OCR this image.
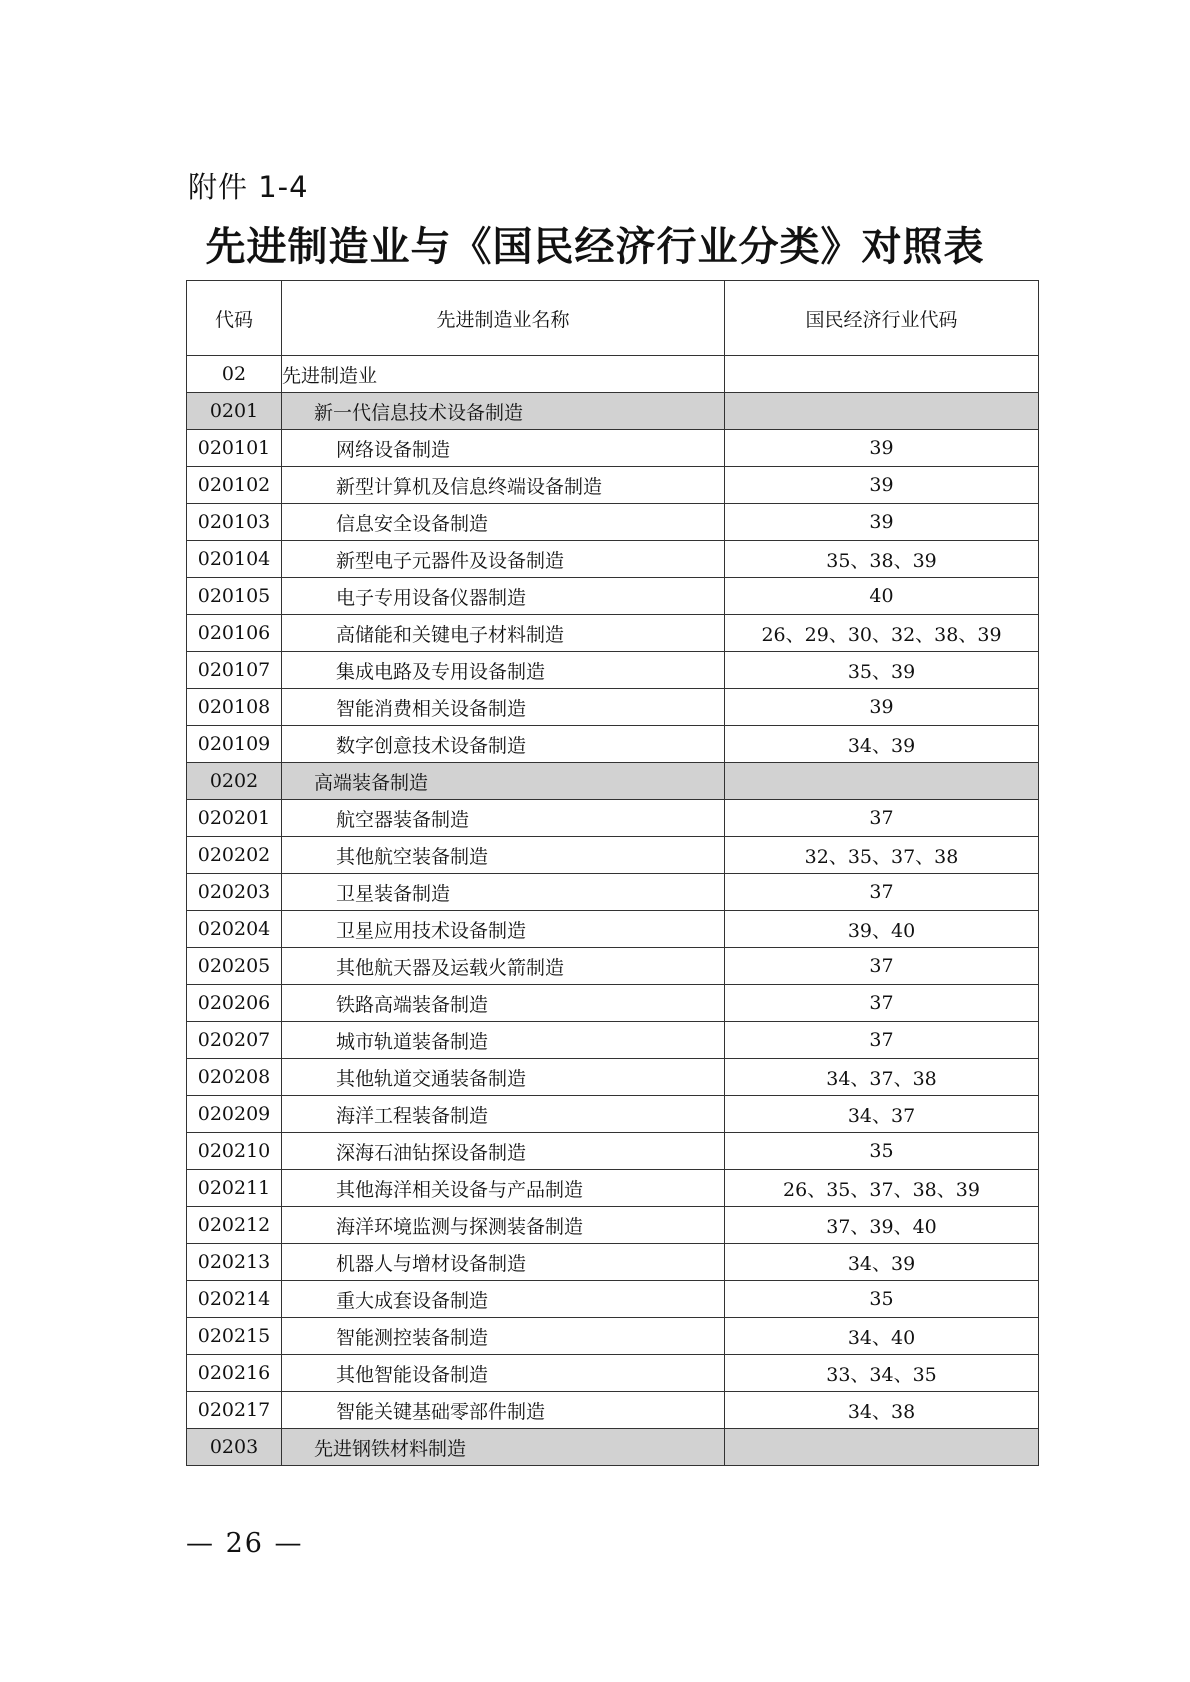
附件 1-4
先进制造业与《国民经济行业分类》对照表
代码	先进制造业名称	国民经济行业代码
02	先进制造业	
0201	新一代信息技术设备制造	
020101	网络设备制造	39
020102	新型计算机及信息终端设备制造	39
020103	信息安全设备制造	39
020104	新型电子元器件及设备制造	35、38、39
020105	电子专用设备仪器制造	40
020106	高储能和关键电子材料制造	26、29、30、32、38、39
020107	集成电路及专用设备制造	35、39
020108	智能消费相关设备制造	39
020109	数字创意技术设备制造	34、39
0202	高端装备制造	
020201	航空器装备制造	37
020202	其他航空装备制造	32、35、37、38
020203	卫星装备制造	37
020204	卫星应用技术设备制造	39、40
020205	其他航天器及运载火箭制造	37
020206	铁路高端装备制造	37
020207	城市轨道装备制造	37
020208	其他轨道交通装备制造	34、37、38
020209	海洋工程装备制造	34、37
020210	深海石油钻探设备制造	35
020211	其他海洋相关设备与产品制造	26、35、37、38、39
020212	海洋环境监测与探测装备制造	37、39、40
020213	机器人与增材设备制造	34、39
020214	重大成套设备制造	35
020215	智能测控装备制造	34、40
020216	其他智能设备制造	33、34、35
020217	智能关键基础零部件制造	34、38
0203	先进钢铁材料制造	
— 26 —
